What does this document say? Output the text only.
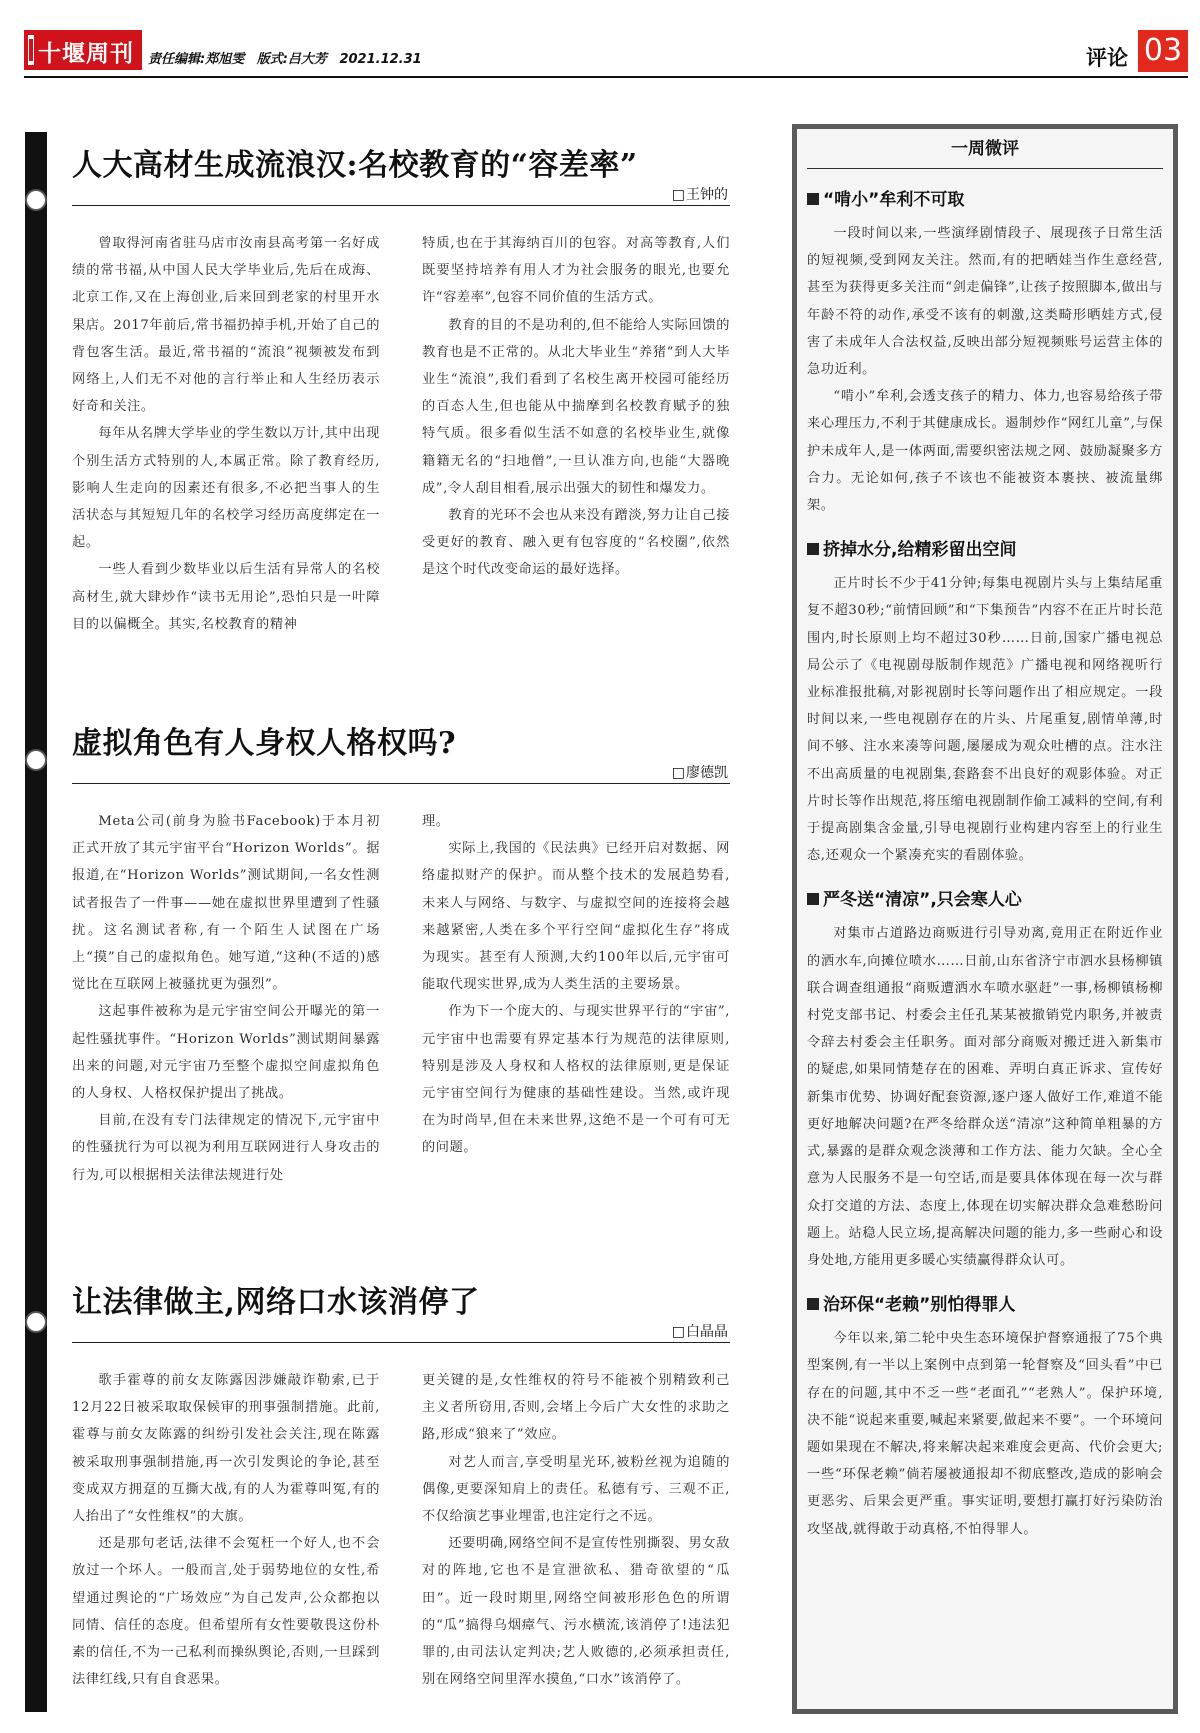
十堰周刊 责任编辑:郑旭雯 版式:吕大芳 2021.12.31	评论 03
人大高材生成流浪汉:名校教育的“容差率”
□ 王钟的

曾取得河南省驻马店市汝南县高考第一名好成绩的常书福,从中国人民大学毕业后,先后在成海、北京工作,又在上海创业,后来回到老家的村里开水果店。2017年前后,常书福扔掉手机,开始了自己的背包客生活。最近,常书福的“流浪”视频被发布到网络上,人们无不对他的言行举止和人生经历表示好奇和关注。

每年从名牌大学毕业的学生数以万计,其中出现个别生活方式特别的人,本属正常。除了教育经历,影响人生走向的因素还有很多,不必把当事人的生活状态与其短短几年的名校学习经历高度绑定在一起。

一些人看到少数毕业以后生活有异常人的名校高材生,就大肆炒作“读书无用论”,恐怕只是一叶障目的以偏概全。其实,名校教育的精神

特质,也在于其海纳百川的包容。对高等教育,人们既要坚持培养有用人才为社会服务的眼光,也要允许“容差率”,包容不同价值的生活方式。

教育的目的不是功利的,但不能给人实际回馈的教育也是不正常的。从北大毕业生“养猪”到人大毕业生“流浪”,我们看到了名校生离开校园可能经历的百态人生,但也能从中揣摩到名校教育赋予的独特气质。很多看似生活不如意的名校毕业生,就像籍籍无名的“扫地僧”,一旦认准方向,也能“大器晚成”,令人刮目相看,展示出强大的韧性和爆发力。

教育的光环不会也从来没有蹭淡,努力让自己接受更好的教育、融入更有包容度的“名校圈”,依然是这个时代改变命运的最好选择。

虚拟角色有人身权人格权吗?
□ 廖德凯

Meta公司(前身为脸书Facebook)于本月初正式开放了其元宇宙平台“Horizon Worlds”。据报道,在“Horizon Worlds”测试期间,一名女性测试者报告了一件事——她在虚拟世界里遭到了性骚扰。这名测试者称,有一个陌生人试图在广场上“摸”自己的虚拟角色。她写道,“这种(不适的)感觉比在互联网上被骚扰更为强烈”。

这起事件被称为是元宇宙空间公开曝光的第一起性骚扰事件。“Horizon Worlds”测试期间暴露出来的问题,对元宇宙乃至整个虚拟空间虚拟角色的人身权、人格权保护提出了挑战。

目前,在没有专门法律规定的情况下,元宇宙中的性骚扰行为可以视为利用互联网进行人身攻击的行为,可以根据相关法律法规进行处

理。

实际上,我国的《民法典》已经开启对数据、网络虚拟财产的保护。而从整个技术的发展趋势看,未来人与网络、与数字、与虚拟空间的连接将会越来越紧密,人类在多个平行空间“虚拟化生存”将成为现实。甚至有人预测,大约100年以后,元宇宙可能取代现实世界,成为人类生活的主要场景。

作为下一个庞大的、与现实世界平行的“宇宙”,元宇宙中也需要有界定基本行为规范的法律原则,特别是涉及人身权和人格权的法律原则,更是保证元宇宙空间行为健康的基础性建设。当然,或许现在为时尚早,但在未来世界,这绝不是一个可有可无的问题。

让法律做主,网络口水该消停了
□ 白晶晶

歌手霍尊的前女友陈露因涉嫌敲诈勒索,已于12月22日被采取取保候审的刑事强制措施。此前,霍尊与前女友陈露的纠纷引发社会关注,现在陈露被采取刑事强制措施,再一次引发舆论的争论,甚至变成双方拥趸的互撕大战,有的人为霍尊叫冤,有的人抬出了“女性维权”的大旗。

还是那句老话,法律不会冤枉一个好人,也不会放过一个坏人。一般而言,处于弱势地位的女性,希望通过舆论的“广场效应”为自己发声,公众都抱以同情、信任的态度。但希望所有女性要敬畏这份朴素的信任,不为一己私利而操纵舆论,否则,一旦踩到法律红线,只有自食恶果。

更关键的是,女性维权的符号不能被个别精致利己主义者所窃用,否则,会堵上今后广大女性的求助之路,形成“狼来了”效应。

对艺人而言,享受明星光环,被粉丝视为追随的偶像,更要深知肩上的责任。私德有亏、三观不正,不仅给演艺事业埋雷,也注定行之不远。

还要明确,网络空间不是宣传性别撕裂、男女敌对的阵地,它也不是宣泄欲私、猎奇欲望的“瓜田”。近一段时期里,网络空间被形形色色的所谓的“瓜”搞得乌烟瘴气、污水横流,该消停了!违法犯罪的,由司法认定判决;艺人败德的,必须承担责任,别在网络空间里浑水摸鱼,“口水”该消停了。

一周微评
“啃小”牟利不可取

一段时间以来,一些演绎剧情段子、展现孩子日常生活的短视频,受到网友关注。然而,有的把晒娃当作生意经营,甚至为获得更多关注而“剑走偏锋”,让孩子按照脚本,做出与年龄不符的动作,承受不该有的刺激,这类畸形晒娃方式,侵害了未成年人合法权益,反映出部分短视频账号运营主体的急功近利。

“啃小”牟利,会透支孩子的精力、体力,也容易给孩子带来心理压力,不利于其健康成长。遏制炒作“网红儿童”,与保护未成年人,是一体两面,需要织密法规之网、鼓励凝聚多方合力。无论如何,孩子不该也不能被资本裹挟、被流量绑架。

挤掉水分,给精彩留出空间

正片时长不少于41分钟;每集电视剧片头与上集结尾重复不超30秒;“前情回顾”和“下集预告”内容不在正片时长范围内,时长原则上均不超过30秒……日前,国家广播电视总局公示了《电视剧母版制作规范》广播电视和网络视听行业标准报批稿,对影视剧时长等问题作出了相应规定。一段时间以来,一些电视剧存在的片头、片尾重复,剧情单薄,时间不够、注水来凑等问题,屡屡成为观众吐槽的点。注水注不出高质量的电视剧集,套路套不出良好的观影体验。对正片时长等作出规范,将压缩电视剧制作偷工减料的空间,有利于提高剧集含金量,引导电视剧行业构建内容至上的行业生态,还观众一个紧凑充实的看剧体验。

严冬送“清凉”,只会寒人心

对集市占道路边商贩进行引导劝离,竟用正在附近作业的洒水车,向摊位喷水……日前,山东省济宁市泗水县杨柳镇联合调查组通报“商贩遭洒水车喷水驱赶”一事,杨柳镇杨柳村党支部书记、村委会主任孔某某被撤销党内职务,并被责令辞去村委会主任职务。面对部分商贩对搬迁进入新集市的疑虑,如果同情楚存在的困难、弄明白真正诉求、宣传好新集市优势、协调好配套资源,逐户逐人做好工作,难道不能更好地解决问题?在严冬给群众送“清凉”这种简单粗暴的方式,暴露的是群众观念淡薄和工作方法、能力欠缺。全心全意为人民服务不是一句空话,而是要具体体现在每一次与群众打交道的方法、态度上,体现在切实解决群众急难愁盼问题上。站稳人民立场,提高解决问题的能力,多一些耐心和设身处地,方能用更多暖心实绩赢得群众认可。

治环保“老赖”别怕得罪人

今年以来,第二轮中央生态环境保护督察通报了75个典型案例,有一半以上案例中点到第一轮督察及“回头看”中已存在的问题,其中不乏一些“老面孔”“老熟人”。保护环境,决不能“说起来重要,喊起来紧要,做起来不要”。一个环境问题如果现在不解决,将来解决起来难度会更高、代价会更大;一些“环保老赖”倘若屡被通报却不彻底整改,造成的影响会更恶劣、后果会更严重。事实证明,要想打赢打好污染防治攻坚战,就得敢于动真格,不怕得罪人。
